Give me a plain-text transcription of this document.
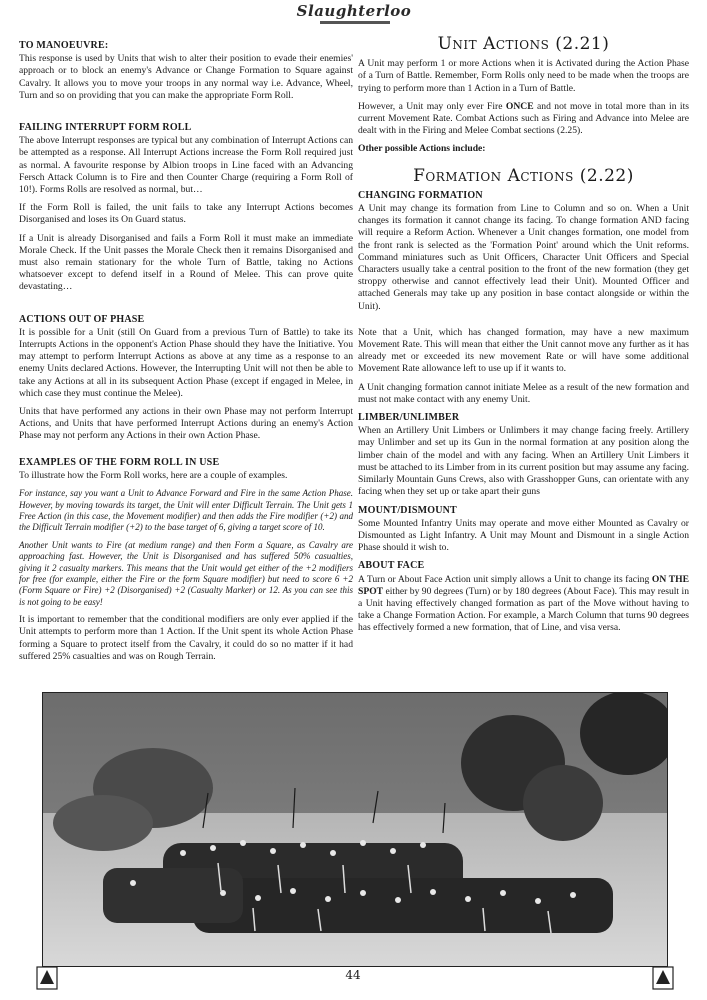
Slaughterloo
TO MANOEUVRE:

This response is used by Units that wish to alter their position to evade their enemies' approach or to block an enemy's Advance or Change Formation to Square against Cavalry. It allows you to move your troops in any normal way i.e. Advance, Wheel, Turn and so on providing that you can make the appropriate Form Roll.

FAILING INTERRUPT FORM ROLL

The above Interrupt responses are typical but any combination of Interrupt Actions can be attempted as a response. All Interrupt Actions increase the Form Roll required just as normal. A favourite response by Albion troops in Line faced with an Advancing Fersch Attack Column is to Fire and then Counter Charge (requiring a Form Roll of 10!). Forms Rolls are resolved as normal, but…

If the Form Roll is failed, the unit fails to take any Interrupt Actions becomes Disorganised and loses its On Guard status.

If a Unit is already Disorganised and fails a Form Roll it must make an immediate Morale Check. If the Unit passes the Morale Check then it remains Disorganised and must also remain stationary for the whole Turn of Battle, taking no Actions whatsoever except to defend itself in a Round of Melee. This can prove quite devastating…

ACTIONS OUT OF PHASE

It is possible for a Unit (still On Guard from a previous Turn of Battle) to take its Interrupts Actions in the opponent's Action Phase should they have the Initiative. You may attempt to perform Interrupt Actions as above at any time as a response to an enemy Units declared Actions. However, the Interrupting Unit will not then be able to take any Actions at all in its subsequent Action Phase (except if engaged in Melee, in which case they must continue the Melee).

Units that have performed any actions in their own Phase may not perform Interrupt Actions, and Units that have performed Interrupt Actions during an enemy's Action Phase may not perform any Actions in their own Action Phase.

EXAMPLES OF THE FORM ROLL IN USE

To illustrate how the Form Roll works, here are a couple of examples.

For instance, say you want a Unit to Advance Forward and Fire in the same Action Phase. However, by moving towards its target, the Unit will enter Difficult Terrain. The Unit gets 1 Free Action (in this case, the Movement modifier) and then adds the Fire modifier (+2) and the Difficult Terrain modifier (+2) to the base target of 6, giving a target score of 10.

Another Unit wants to Fire (at medium range) and then Form a Square, as Cavalry are approaching fast. However, the Unit is Disorganised and has suffered 50% casualties, giving it 2 casualty markers. This means that the Unit would get either of the +2 modifiers for free (for example, either the Fire or the form Square modifier) but need to score 6 +2 (Form Square or Fire) +2 (Disorganised) +2 (Casualty Marker) or 12. As you can see this is not going to be easy!

It is important to remember that the conditional modifiers are only ever applied if the Unit attempts to perform more than 1 Action. If the Unit spent its whole Action Phase forming a Square to protect itself from the Cavalry, it could do so no matter if it had suffered 25% casualties and was on Rough Terrain.

Unit Actions (2.21)

A Unit may perform 1 or more Actions when it is Activated during the Action Phase of a Turn of Battle. Remember, Form Rolls only need to be made when the troops are trying to perform more than 1 Action in a Turn of Battle.

However, a Unit may only ever Fire ONCE and not move in total more than in its current Movement Rate. Combat Actions such as Firing and Advance into Melee are dealt with in the Firing and Melee Combat sections (2.25).

Other possible Actions include:

Formation Actions (2.22)
CHANGING FORMATION

A Unit may change its formation from Line to Column and so on. When a Unit changes its formation it cannot change its facing. To change formation AND facing will require a Reform Action. Whenever a Unit changes formation, one model from the front rank is selected as the 'Formation Point' around which the Unit reforms. Command miniatures such as Unit Officers, Character Unit Officers and Special Characters usually take a central position to the front of the new formation (they get stroppy otherwise and cannot effectively lead their Unit). Mounted Officer and attached Generals may take up any position in base contact alongside or within the Unit).

Note that a Unit, which has changed formation, may have a new maximum Movement Rate. This will mean that either the Unit cannot move any further as it has already met or exceeded its new movement Rate or will have some additional Movement Rate allowance left to use up if it wants to.

A Unit changing formation cannot initiate Melee as a result of the new formation and must not make contact with any enemy Unit.

LIMBER/UNLIMBER

When an Artillery Unit Limbers or Unlimbers it may change facing freely. Artillery may Unlimber and set up its Gun in the normal formation at any position along the limber chain of the model and with any facing. When an Artillery Unit Limbers it must be attached to its Limber from in its current position but may assume any facing. Similarly Mountain Guns Crews, also with Grasshopper Guns, can orientate with any facing when they set up or take apart their guns

MOUNT/DISMOUNT

Some Mounted Infantry Units may operate and move either Mounted as Cavalry or Dismounted as Light Infantry. A Unit may Mount and Dismount in a single Action Phase should it wish to.

ABOUT FACE

A Turn or About Face Action unit simply allows a Unit to change its facing ON THE SPOT either by 90 degrees (Turn) or by 180 degrees (About Face). This may result in a Unit having effectively changed formation as part of the Move without having to take a Change Formation Action. For example, a March Column that turns 90 degrees has effectively formed a new formation, that of Line, and visa versa.

44
